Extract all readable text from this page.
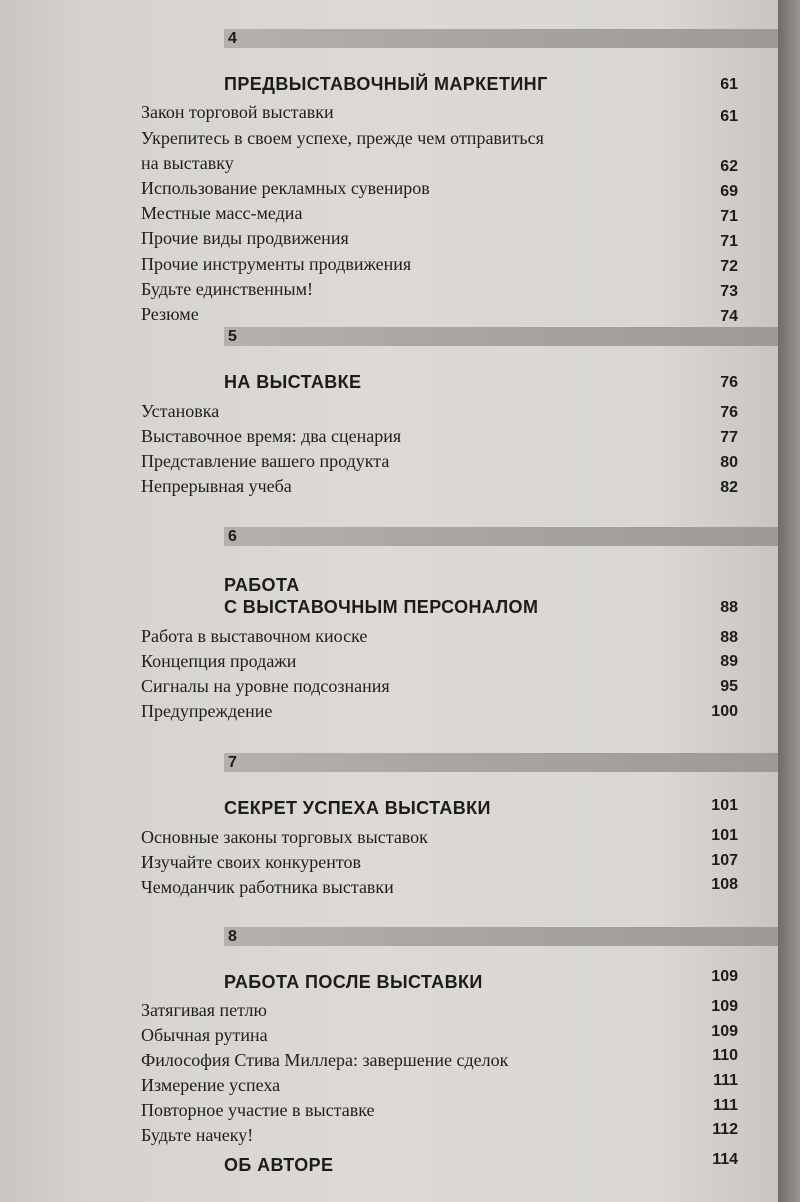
4
ПРЕДВЫСТАВОЧНЫЙ МАРКЕТИНГ	61
Закон торговой выставки	61
Укрепитесь в своем успехе, прежде чем отправиться
на выставку	62
Использование рекламных сувениров	69
Местные масс-медиа	71
Прочие виды продвижения	71
Прочие инструменты продвижения	72
Будьте единственным!	73
Резюме	74
5
НА ВЫСТАВКЕ	76
Установка	76
Выставочное время: два сценария	77
Представление вашего продукта	80
Непрерывная учеба	82
6
РАБОТА
С ВЫСТАВОЧНЫМ ПЕРСОНАЛОМ	88
Работа в выставочном киоске	88
Концепция продажи	89
Сигналы на уровне подсознания	95
Предупреждение	100
7
СЕКРЕТ УСПЕХА ВЫСТАВКИ	101
Основные законы торговых выставок	101
Изучайте своих конкурентов	107
Чемоданчик работника выставки	108
8
РАБОТА ПОСЛЕ ВЫСТАВКИ	109
Затягивая петлю	109
Обычная рутина	109
Философия Стива Миллера: завершение сделок	110
Измерение успеха	111
Повторное участие в выставке	111
Будьте начеку!	112
ОБ АВТОРЕ	114
